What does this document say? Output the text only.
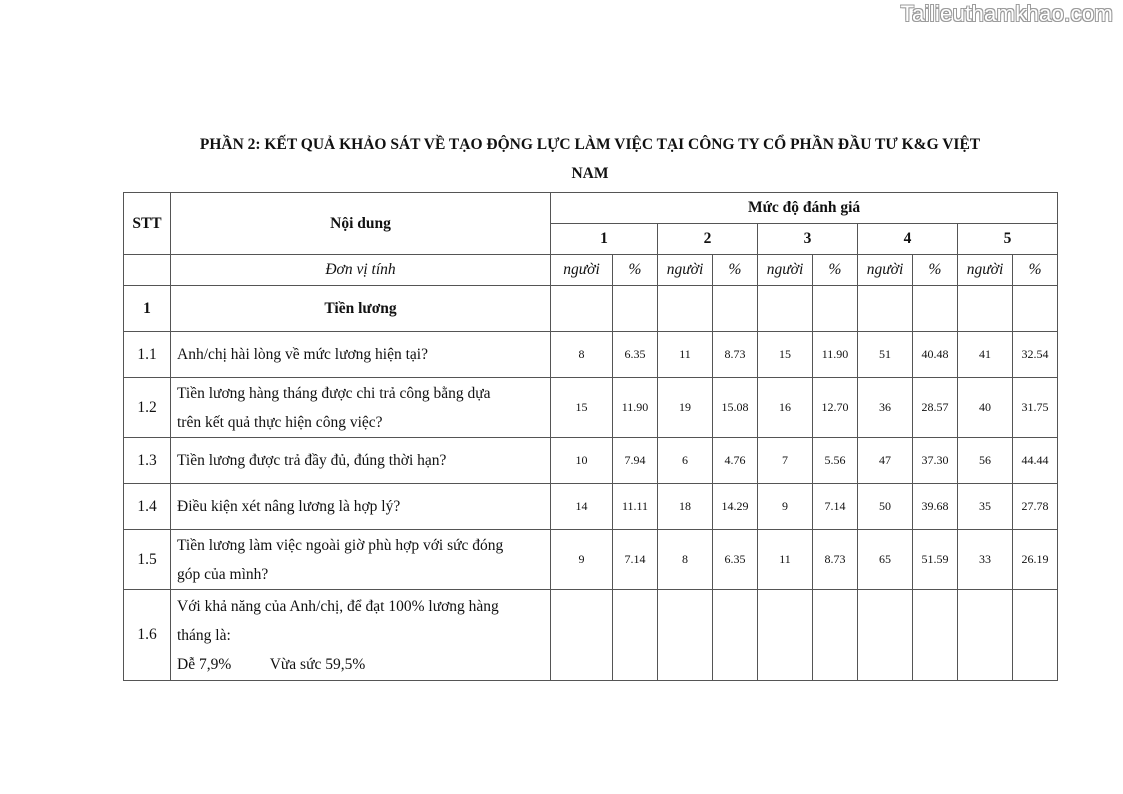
Tailieuthamkhao.com
PHẦN 2: KẾT QUẢ KHẢO SÁT VỀ TẠO ĐỘNG LỰC LÀM VIỆC TẠI CÔNG TY CỔ PHẦN ĐẦU TƯ K&G VIỆT
NAM
STT	Nội dung	Mức độ đánh giá									
		1		2		3		4		5	
	Đơn vị tính	người	%	người	%	người	%	người	%	người	%
1	Tiền lương										
1.1	Anh/chị hài lòng về mức lương hiện tại?	8	6.35	11	8.73	15	11.90	51	40.48	41	32.54
1.2	Tiền lương hàng tháng được chi trả công bằng dựa
trên kết quả thực hiện công việc?	15	11.90	19	15.08	16	12.70	36	28.57	40	31.75
1.3	Tiền lương được trả đầy đủ, đúng thời hạn?	10	7.94	6	4.76	7	5.56	47	37.30	56	44.44
1.4	Điều kiện xét nâng lương là hợp lý?	14	11.11	18	14.29	9	7.14	50	39.68	35	27.78
1.5	Tiền lương làm việc ngoài giờ phù hợp với sức đóng
góp của mình?	9	7.14	8	6.35	11	8.73	65	51.59	33	26.19
1.6	Với khả năng của Anh/chị, để đạt 100% lương hàng
tháng là:
Dễ 7,9%          Vừa sức 59,5%										
